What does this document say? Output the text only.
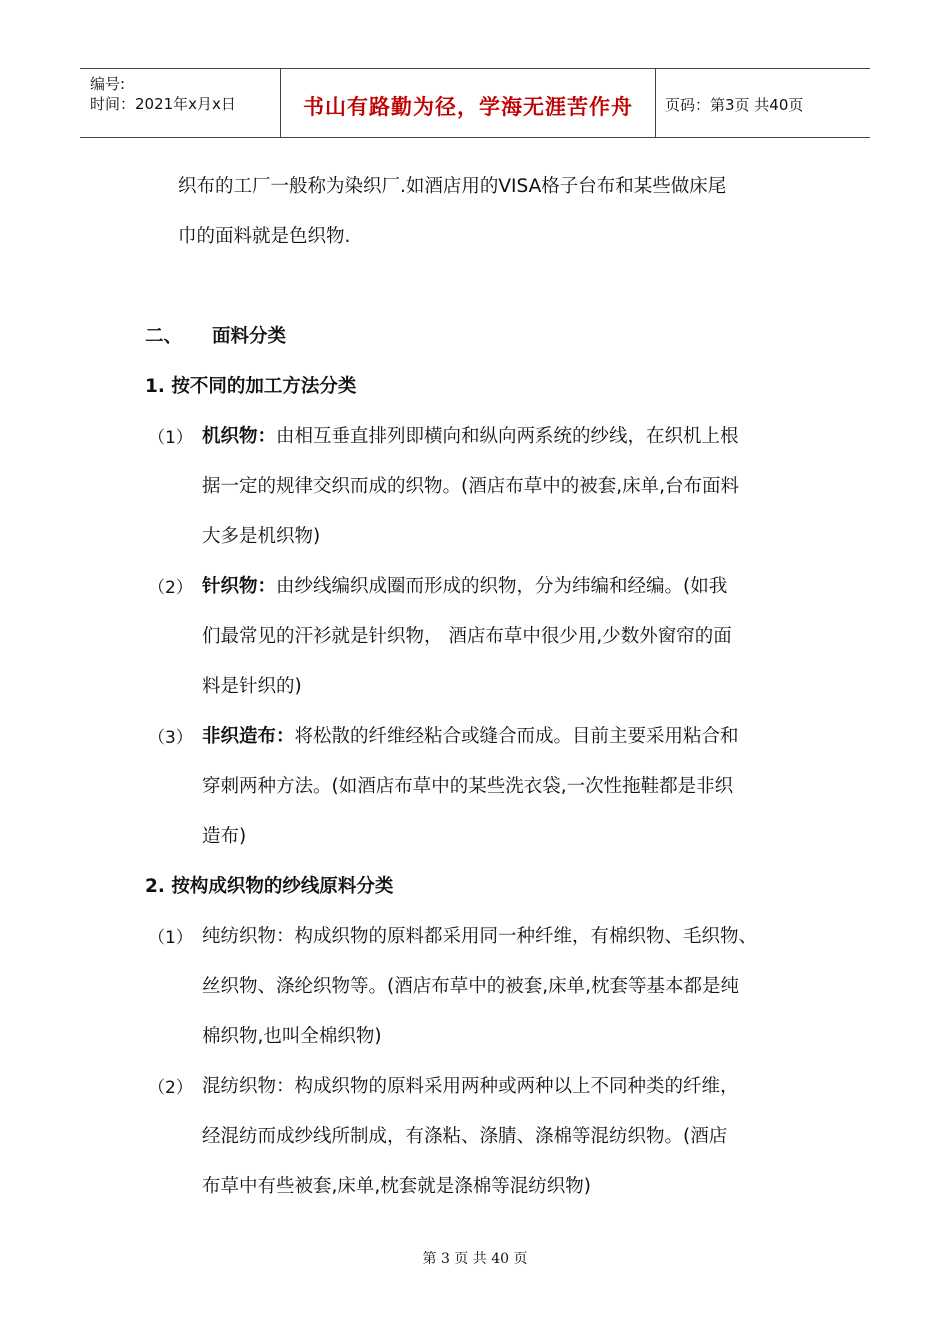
编号:
时间：2021年x月x日	书山有路勤为径，学海无涯苦作舟	页码：第3页 共40页
织布的工厂一般称为染织厂.如酒店用的VISA格子台布和某些做床尾
巾的面料就是色织物.
二、 面料分类
1. 按不同的加工方法分类
（1） 机织物：由相互垂直排列即横向和纵向两系统的纱线，在织机上根
据一定的规律交织而成的织物。(酒店布草中的被套,床单,台布面料
大多是机织物)
（2） 针织物：由纱线编织成圈而形成的织物，分为纬编和经编。(如我
们最常见的汗衫就是针织物， 酒店布草中很少用,少数外窗帘的面
料是针织的)
（3） 非织造布：将松散的纤维经粘合或缝合而成。目前主要采用粘合和
穿刺两种方法。(如酒店布草中的某些洗衣袋,一次性拖鞋都是非织
造布)
2. 按构成织物的纱线原料分类
（1） 纯纺织物：构成织物的原料都采用同一种纤维，有棉织物、毛织物、
丝织物、涤纶织物等。(酒店布草中的被套,床单,枕套等基本都是纯
棉织物,也叫全棉织物)
（2） 混纺织物：构成织物的原料采用两种或两种以上不同种类的纤维，
经混纺而成纱线所制成，有涤粘、涤腈、涤棉等混纺织物。(酒店
布草中有些被套,床单,枕套就是涤棉等混纺织物)
第 3 页 共 40 页
